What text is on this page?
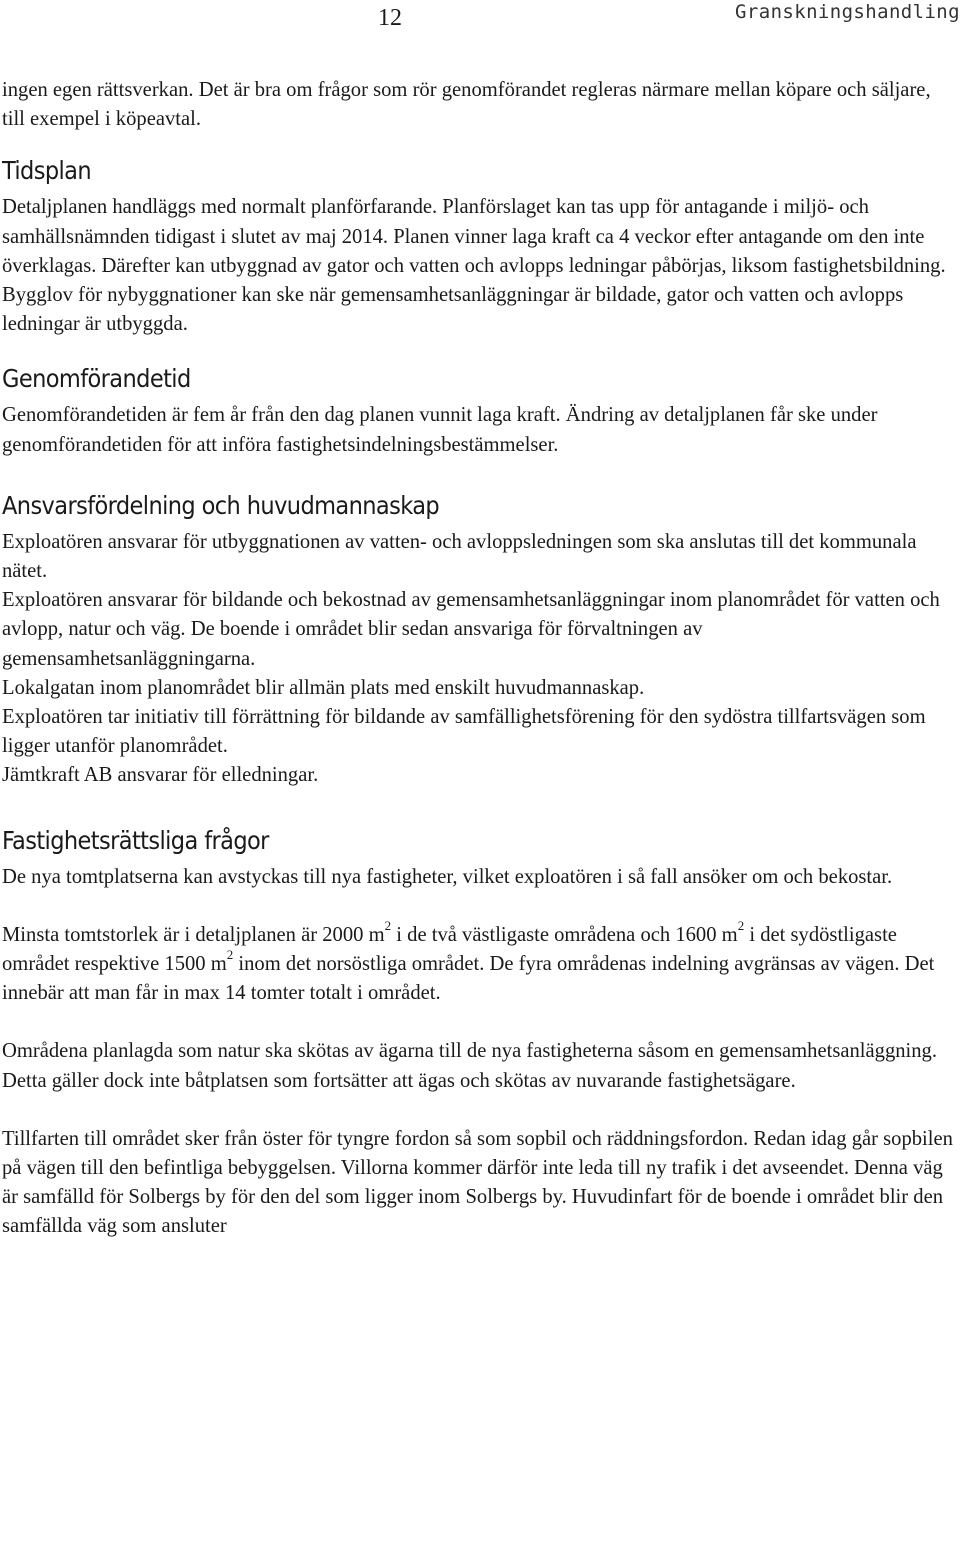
12	Granskningshandling

ingen egen rättsverkan. Det är bra om frågor som rör genomförandet regleras närmare mellan köpare och säljare, till exempel i köpeavtal.

Tidsplan

Detaljplanen handläggs med normalt planförfarande. Planförslaget kan tas upp för antagande i miljö- och samhällsnämnden tidigast i slutet av maj 2014. Planen vinner laga kraft ca 4 veckor efter antagande om den inte överklagas. Därefter kan utbyggnad av gator och vatten och avlopps ledningar påbörjas, liksom fastighetsbildning. Bygglov för nybyggnationer kan ske när gemensamhetsanläggningar är bildade, gator och vatten och avlopps ledningar är utbyggda.

Genomförandetid

Genomförandetiden är fem år från den dag planen vunnit laga kraft. Ändring av detaljplanen får ske under genomförandetiden för att införa fastighetsindelningsbestämmelser.

Ansvarsfördelning och huvudmannaskap

Exploatören ansvarar för utbyggnationen av vatten- och avloppsledningen som ska anslutas till det kommunala nätet.

Exploatören ansvarar för bildande och bekostnad av gemensamhetsanläggningar inom planområdet för vatten och avlopp, natur och väg. De boende i området blir sedan ansvariga för förvaltningen av gemensamhetsanläggningarna.

Lokalgatan inom planområdet blir allmän plats med enskilt huvudmannaskap.

Exploatören tar initiativ till förrättning för bildande av samfällighetsförening för den sydöstra tillfartsvägen som ligger utanför planområdet.

Jämtkraft AB ansvarar för elledningar.

Fastighetsrättsliga frågor

De nya tomtplatserna kan avstyckas till nya fastigheter, vilket exploatören i så fall ansöker om och bekostar.

Minsta tomtstorlek är i detaljplanen är 2000 $m^2$ i de två västligaste områdena och 1600 $m^2$ i det sydöstligaste området respektive 1500 $m^2$ inom det norsöstliga området. De fyra områdenas indelning avgränsas av vägen. Det innebär att man får in max 14 tomter totalt i området.

Områdena planlagda som natur ska skötas av ägarna till de nya fastigheterna såsom en gemensamhetsanläggning. Detta gäller dock inte båtplatsen som fortsätter att ägas och skötas av nuvarande fastighetsägare.

Tillfarten till området sker från öster för tyngre fordon så som sopbil och räddningsfordon. Redan idag går sopbilen på vägen till den befintliga bebyggelsen. Villorna kommer därför inte leda till ny trafik i det avseendet. Denna väg är samfälld för Solbergs by för den del som ligger inom Solbergs by. Huvudinfart för de boende i området blir den samfällda väg som ansluter
